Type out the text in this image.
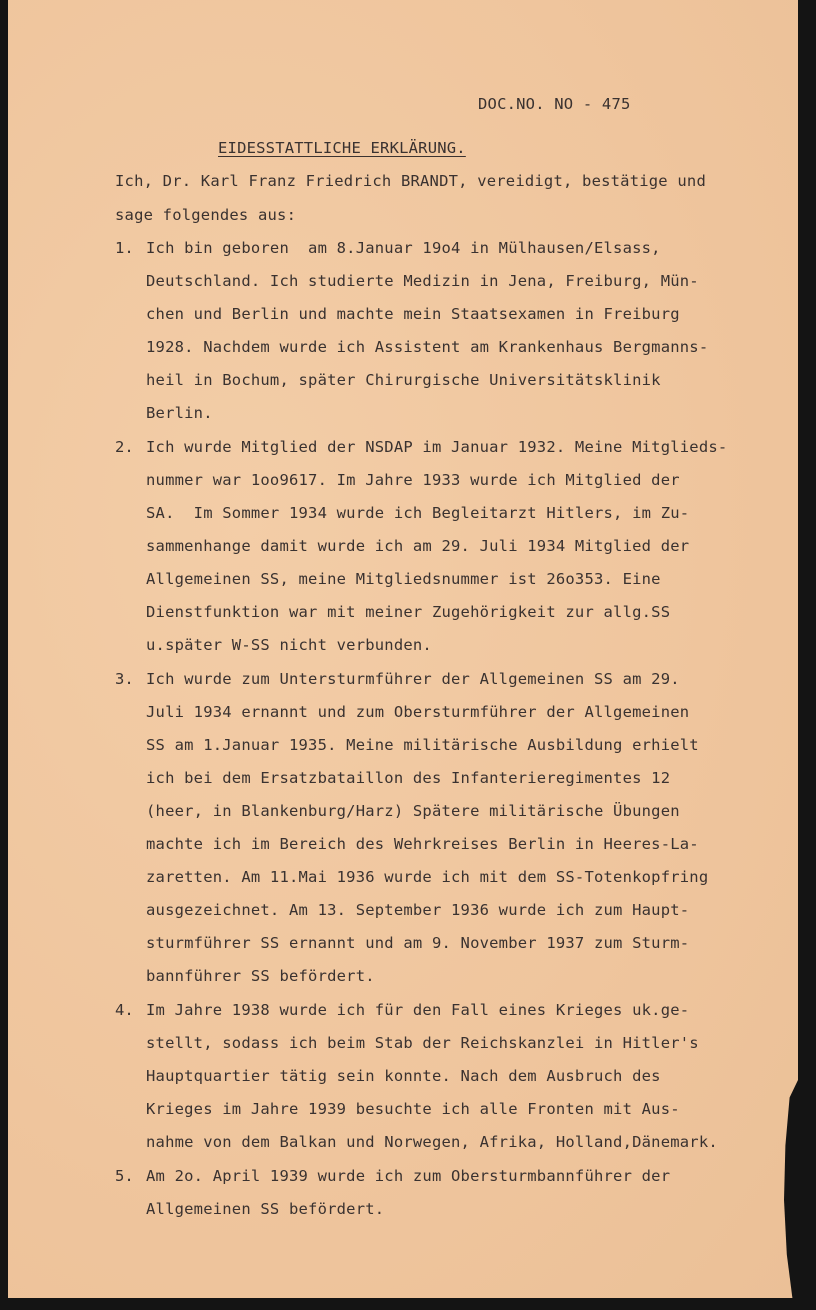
DOC.NO. NO - 475
EIDESSTATTLICHE ERKLÄRUNG.
Ich, Dr. Karl Franz Friedrich BRANDT, vereidigt, bestätige und
sage folgendes aus:
1. Ich bin geboren  am 8.Januar 19o4 in Mülhausen/Elsass,
Deutschland. Ich studierte Medizin in Jena, Freiburg, Mün-
chen und Berlin und machte mein Staatsexamen in Freiburg
1928. Nachdem wurde ich Assistent am Krankenhaus Bergmanns-
heil in Bochum, später Chirurgische Universitätsklinik
Berlin.
2. Ich wurde Mitglied der NSDAP im Januar 1932. Meine Mitglieds-
nummer war 1oo9617. Im Jahre 1933 wurde ich Mitglied der
SA.  Im Sommer 1934 wurde ich Begleitarzt Hitlers, im Zu-
sammenhange damit wurde ich am 29. Juli 1934 Mitglied der
Allgemeinen SS, meine Mitgliedsnummer ist 26o353. Eine
Dienstfunktion war mit meiner Zugehörigkeit zur allg.SS
u.später W-SS nicht verbunden.
3. Ich wurde zum Untersturmführer der Allgemeinen SS am 29.
Juli 1934 ernannt und zum Obersturmführer der Allgemeinen
SS am 1.Januar 1935. Meine militärische Ausbildung erhielt
ich bei dem Ersatzbataillon des Infanterieregimentes 12
(heer, in Blankenburg/Harz) Spätere militärische Übungen
machte ich im Bereich des Wehrkreises Berlin in Heeres-La-
zaretten. Am 11.Mai 1936 wurde ich mit dem SS-Totenkopfring
ausgezeichnet. Am 13. September 1936 wurde ich zum Haupt-
sturmführer SS ernannt und am 9. November 1937 zum Sturm-
bannführer SS befördert.
4. Im Jahre 1938 wurde ich für den Fall eines Krieges uk.ge-
stellt, sodass ich beim Stab der Reichskanzlei in Hitler's
Hauptquartier tätig sein konnte. Nach dem Ausbruch des
Krieges im Jahre 1939 besuchte ich alle Fronten mit Aus-
nahme von dem Balkan und Norwegen, Afrika, Holland,Dänemark.
5. Am 2o. April 1939 wurde ich zum Obersturmbannführer der
Allgemeinen SS befördert.
